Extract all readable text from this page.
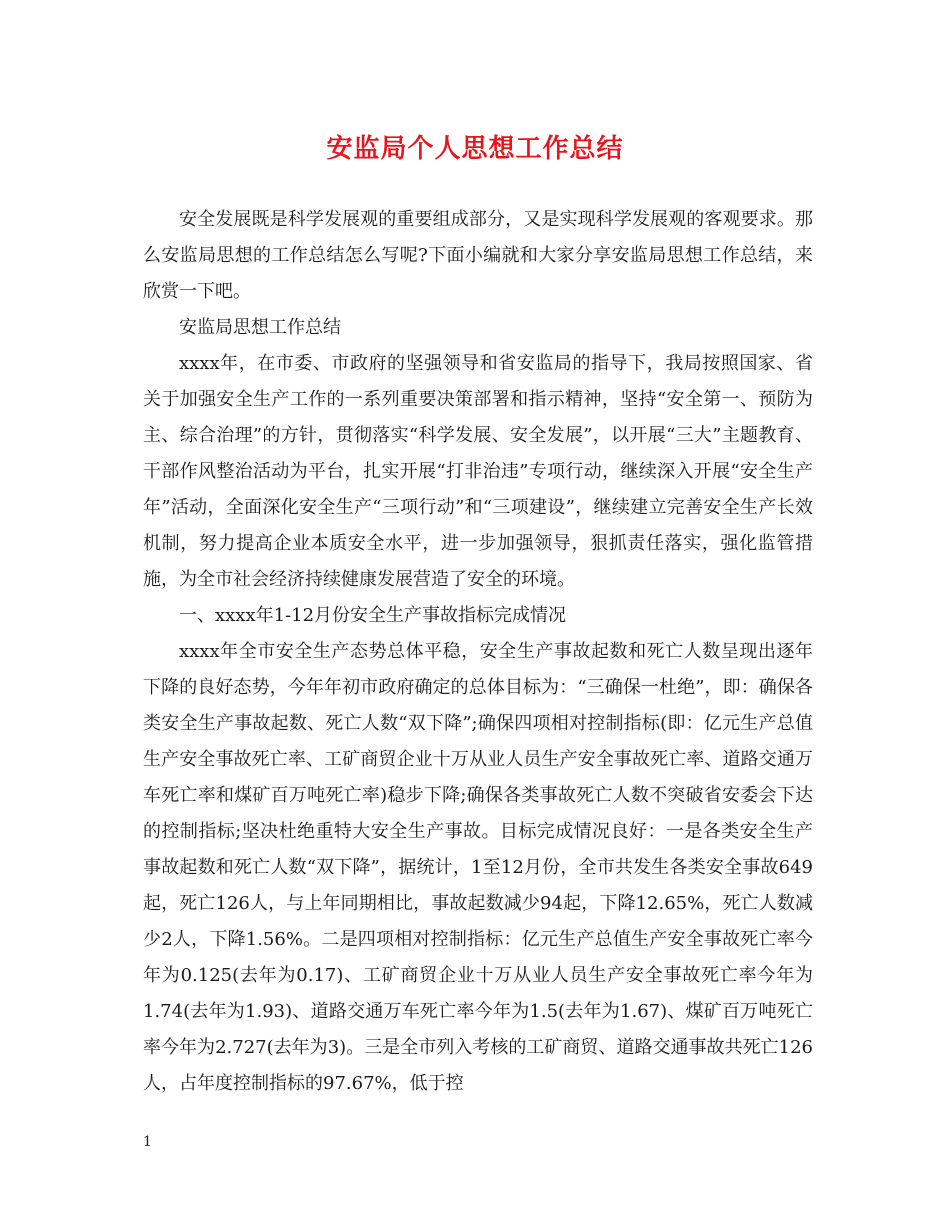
安监局个人思想工作总结

安全发展既是科学发展观的重要组成部分，又是实现科学发展观的客观要求。那么安监局思想的工作总结怎么写呢?下面小编就和大家分享安监局思想工作总结，来欣赏一下吧。

安监局思想工作总结

xxxx年，在市委、市政府的坚强领导和省安监局的指导下，我局按照国家、省关于加强安全生产工作的一系列重要决策部署和指示精神，坚持“安全第一、预防为主、综合治理”的方针，贯彻落实“科学发展、安全发展”，以开展“三大”主题教育、干部作风整治活动为平台，扎实开展“打非治违”专项行动，继续深入开展“安全生产年”活动，全面深化安全生产“三项行动”和“三项建设”，继续建立完善安全生产长效机制，努力提高企业本质安全水平，进一步加强领导，狠抓责任落实，强化监管措施，为全市社会经济持续健康发展营造了安全的环境。

一、xxxx年1-12月份安全生产事故指标完成情况

xxxx年全市安全生产态势总体平稳，安全生产事故起数和死亡人数呈现出逐年下降的良好态势，今年年初市政府确定的总体目标为：“三确保一杜绝”，即：确保各类安全生产事故起数、死亡人数“双下降”;确保四项相对控制指标(即：亿元生产总值生产安全事故死亡率、工矿商贸企业十万从业人员生产安全事故死亡率、道路交通万车死亡率和煤矿百万吨死亡率)稳步下降;确保各类事故死亡人数不突破省安委会下达的控制指标;坚决杜绝重特大安全生产事故。目标完成情况良好：一是各类安全生产事故起数和死亡人数“双下降”，据统计，1至12月份，全市共发生各类安全事故649起，死亡126人，与上年同期相比，事故起数减少94起，下降12.65%，死亡人数减少2人，下降1.56%。二是四项相对控制指标：亿元生产总值生产安全事故死亡率今年为0.125(去年为0.17)、工矿商贸企业十万从业人员生产安全事故死亡率今年为1.74(去年为1.93)、道路交通万车死亡率今年为1.5(去年为1.67)、煤矿百万吨死亡率今年为2.727(去年为3)。三是全市列入考核的工矿商贸、道路交通事故共死亡126人，占年度控制指标的97.67%，低于控

1
